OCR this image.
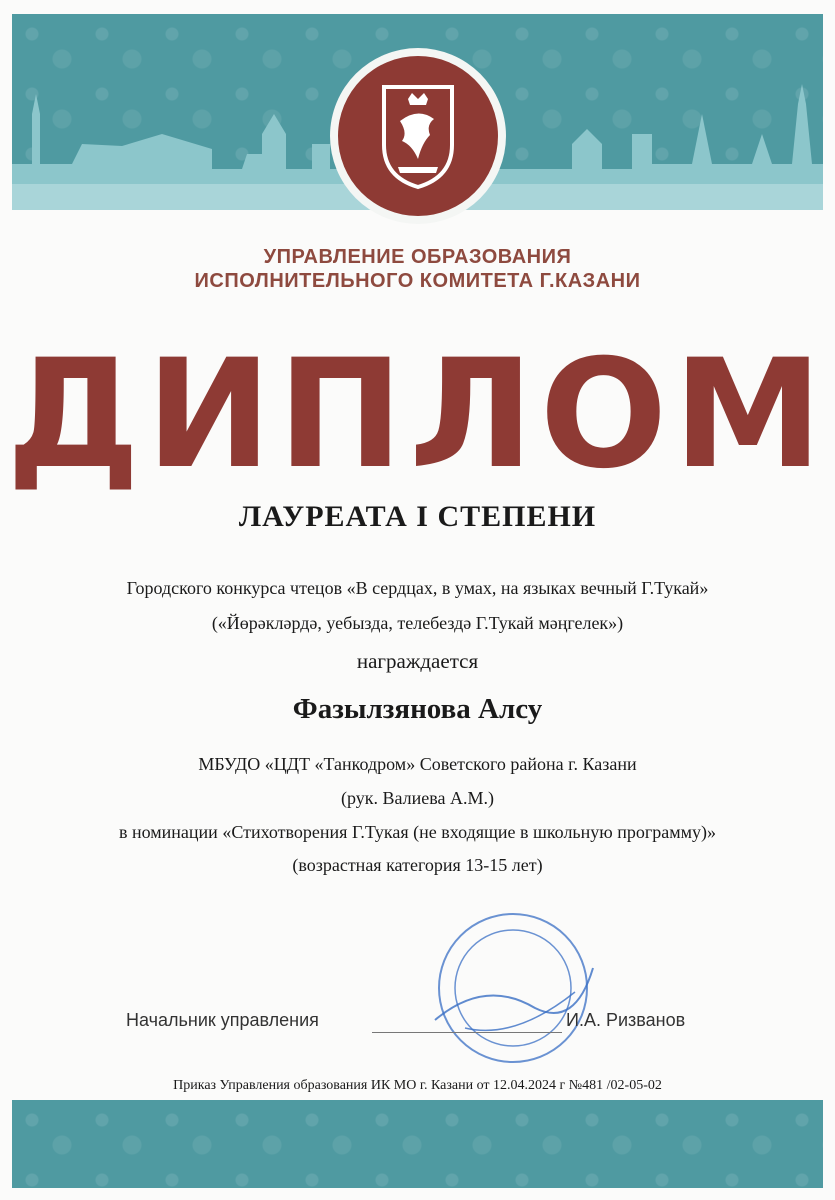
УПРАВЛЕНИЕ ОБРАЗОВАНИЯ
ИСПОЛНИТЕЛЬНОГО КОМИТЕТА Г.КАЗАНИ
ДИПЛОМ
ЛАУРЕАТА I СТЕПЕНИ
Городского конкурса чтецов «В сердцах, в умах, на языках вечный Г.Тукай»
(«Йөрәкләрдә, уебызда, телебездә Г.Тукай мәңгелек»)
награждается
Фазылзянова Алсу
МБУДО «ЦДТ «Танкодром» Советского района г. Казани
(рук. Валиева А.М.)
в номинации «Стихотворения Г.Тукая (не входящие в школьную программу)»
(возрастная категория 13-15 лет)
Начальник управления	И.А. Ризванов
Приказ Управления образования ИК МО г. Казани от 12.04.2024 г №481 /02-05-02
